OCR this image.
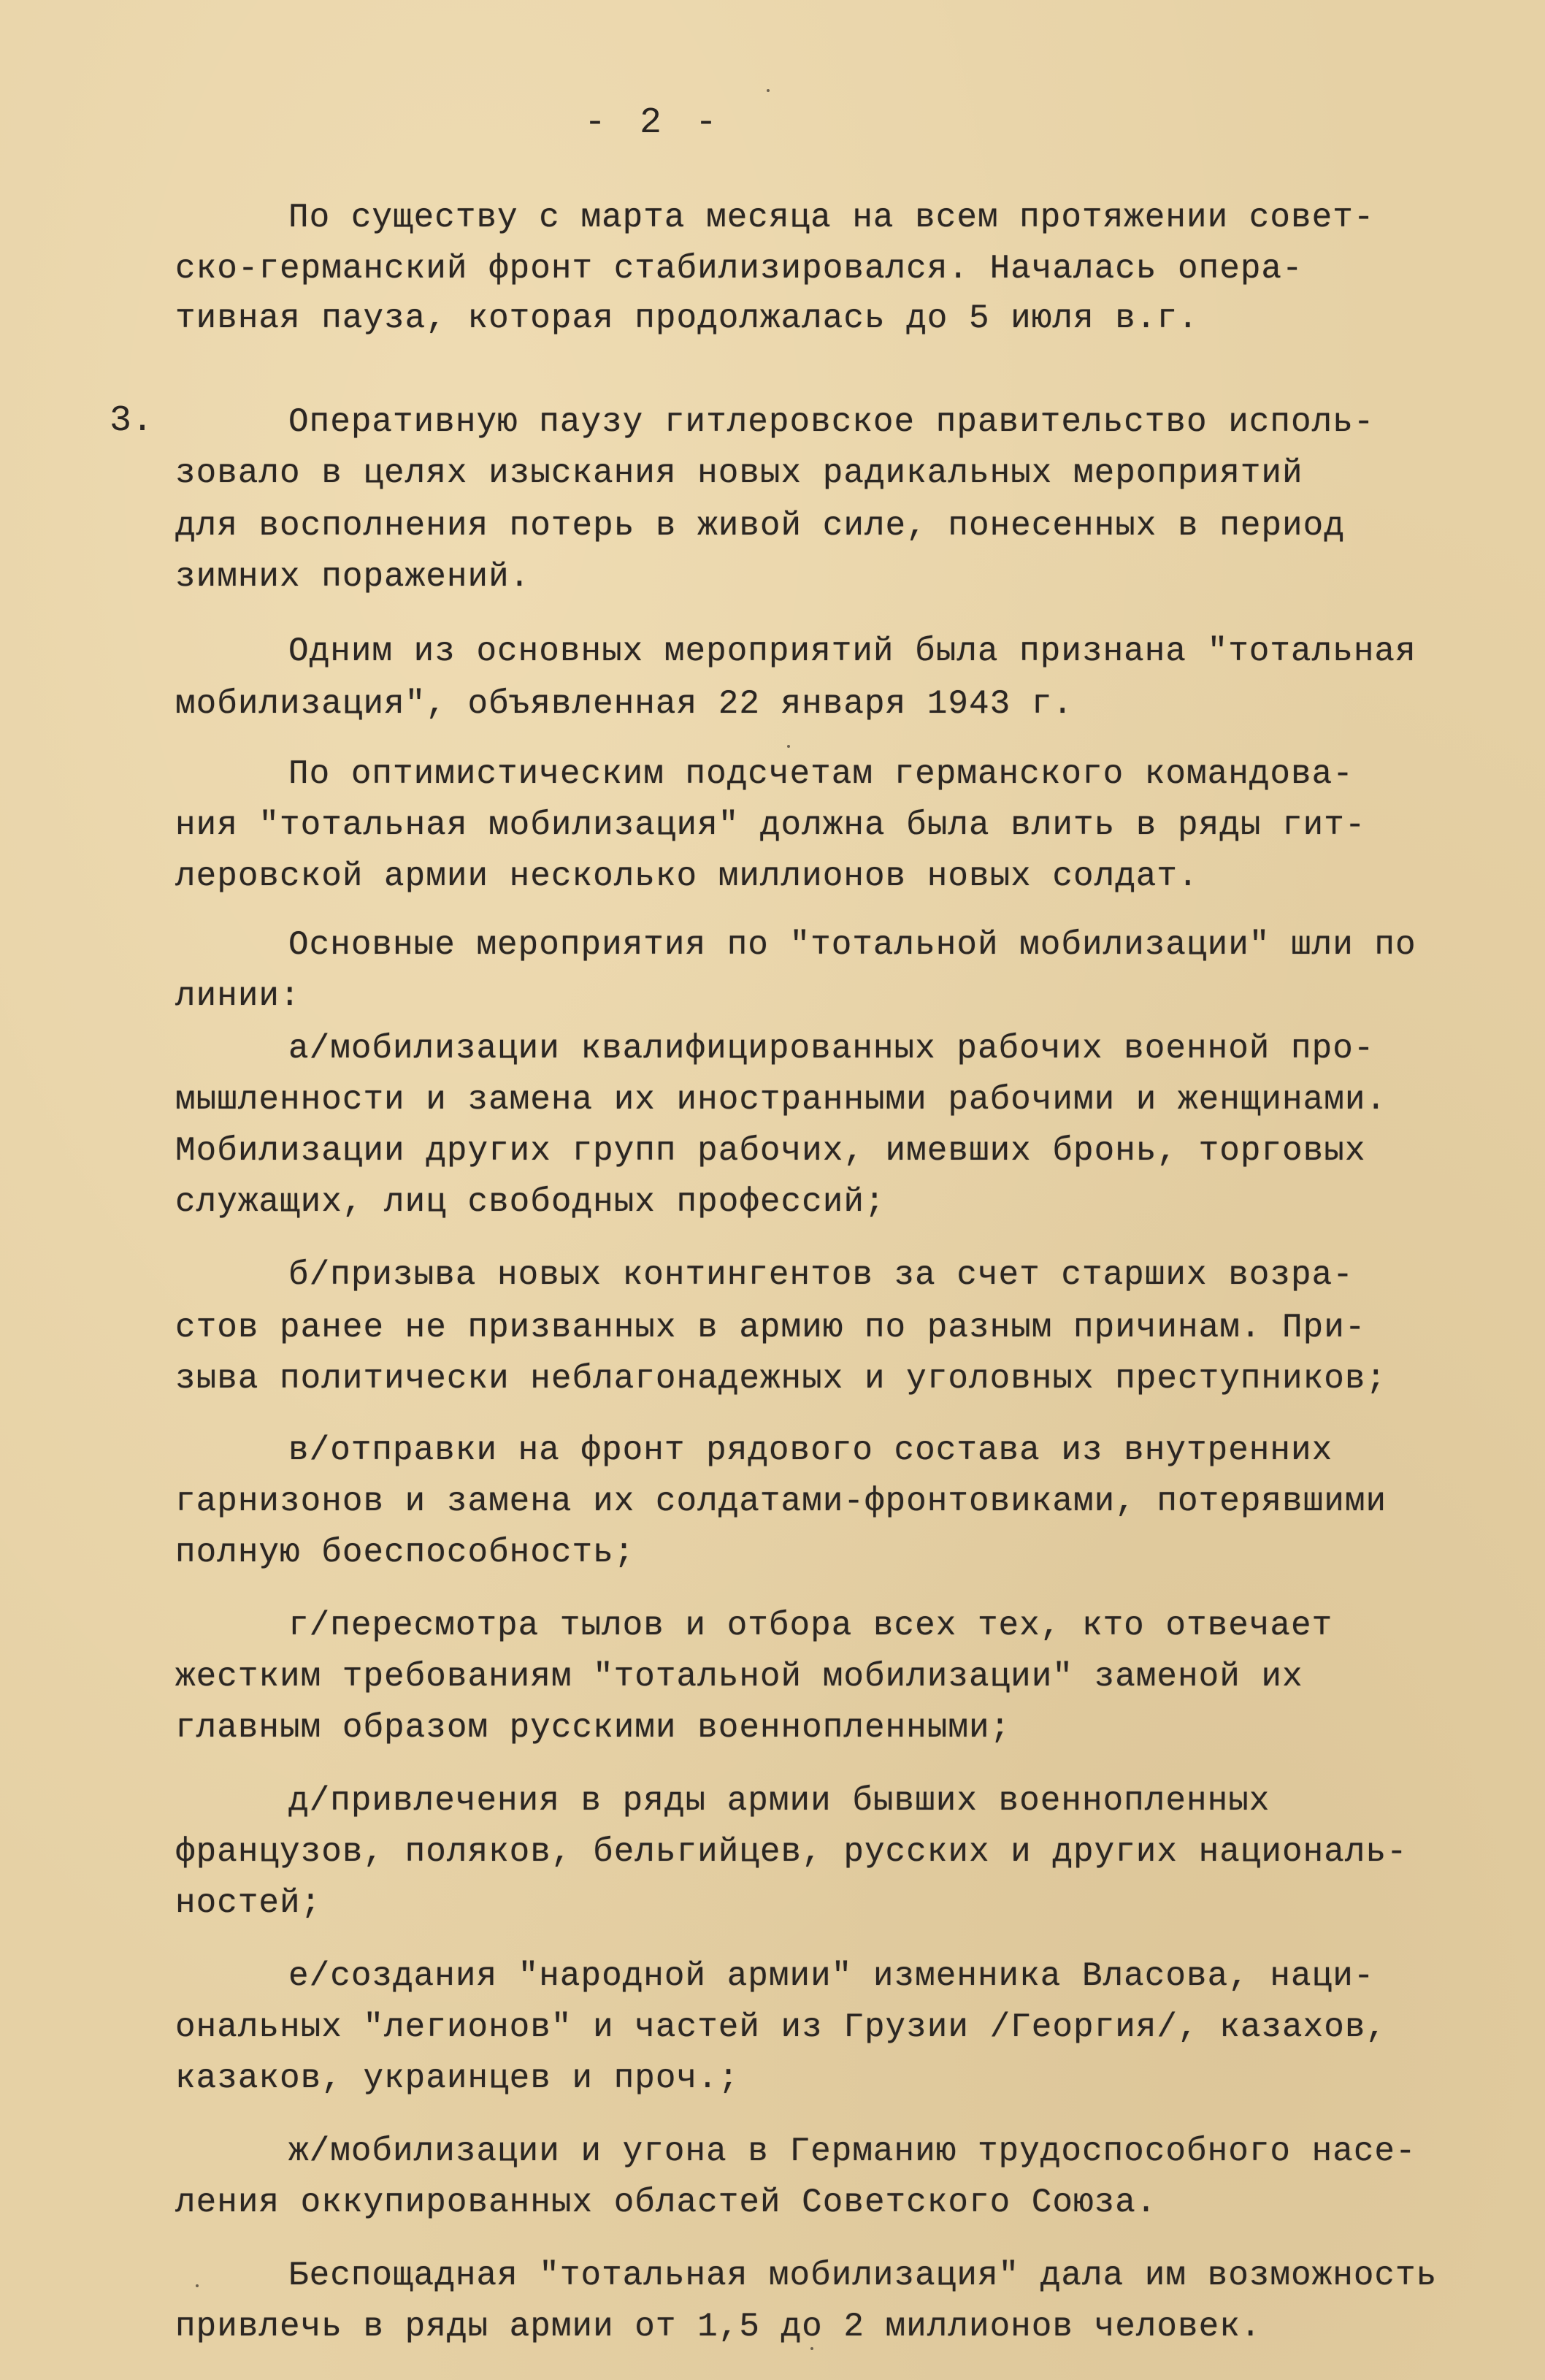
- 2 -
3.
По существу с марта месяца на всем протяжении совет-
ско-германский фронт стабилизировался. Началась опера-
тивная пауза, которая продолжалась до 5 июля в.г.
Оперативную паузу гитлеровское правительство исполь-
зовало в целях изыскания новых радикальных мероприятий
для восполнения потерь в живой силе, понесенных в период
зимних поражений.
Одним из основных мероприятий была признана "тотальная
мобилизация", объявленная 22 января 1943 г.
По оптимистическим подсчетам германского командова-
ния "тотальная мобилизация" должна была влить в ряды гит-
леровской армии несколько миллионов новых солдат.
Основные мероприятия по "тотальной мобилизации" шли по
линии:
а/мобилизации квалифицированных рабочих военной про-
мышленности и замена их иностранными рабочими и женщинами.
Мобилизации других групп рабочих, имевших бронь, торговых
служащих, лиц свободных профессий;
б/призыва новых контингентов за счет старших возра-
стов ранее не призванных в армию по разным причинам. При-
зыва политически неблагонадежных и уголовных преступников;
в/отправки на фронт рядового состава из внутренних
гарнизонов и замена их солдатами-фронтовиками, потерявшими
полную боеспособность;
г/пересмотра тылов и отбора всех тех, кто отвечает
жестким требованиям "тотальной мобилизации" заменой их
главным образом русскими военнопленными;
д/привлечения в ряды армии бывших военнопленных
французов, поляков, бельгийцев, русских и других националь-
ностей;
е/создания "народной армии" изменника Власова, наци-
ональных "легионов" и частей из Грузии /Георгия/, казахов,
казаков, украинцев и проч.;
ж/мобилизации и угона в Германию трудоспособного насе-
ления оккупированных областей Советского Союза.
Беспощадная "тотальная мобилизация" дала им возможность
привлечь в ряды армии от 1,5 до 2 миллионов человек.
